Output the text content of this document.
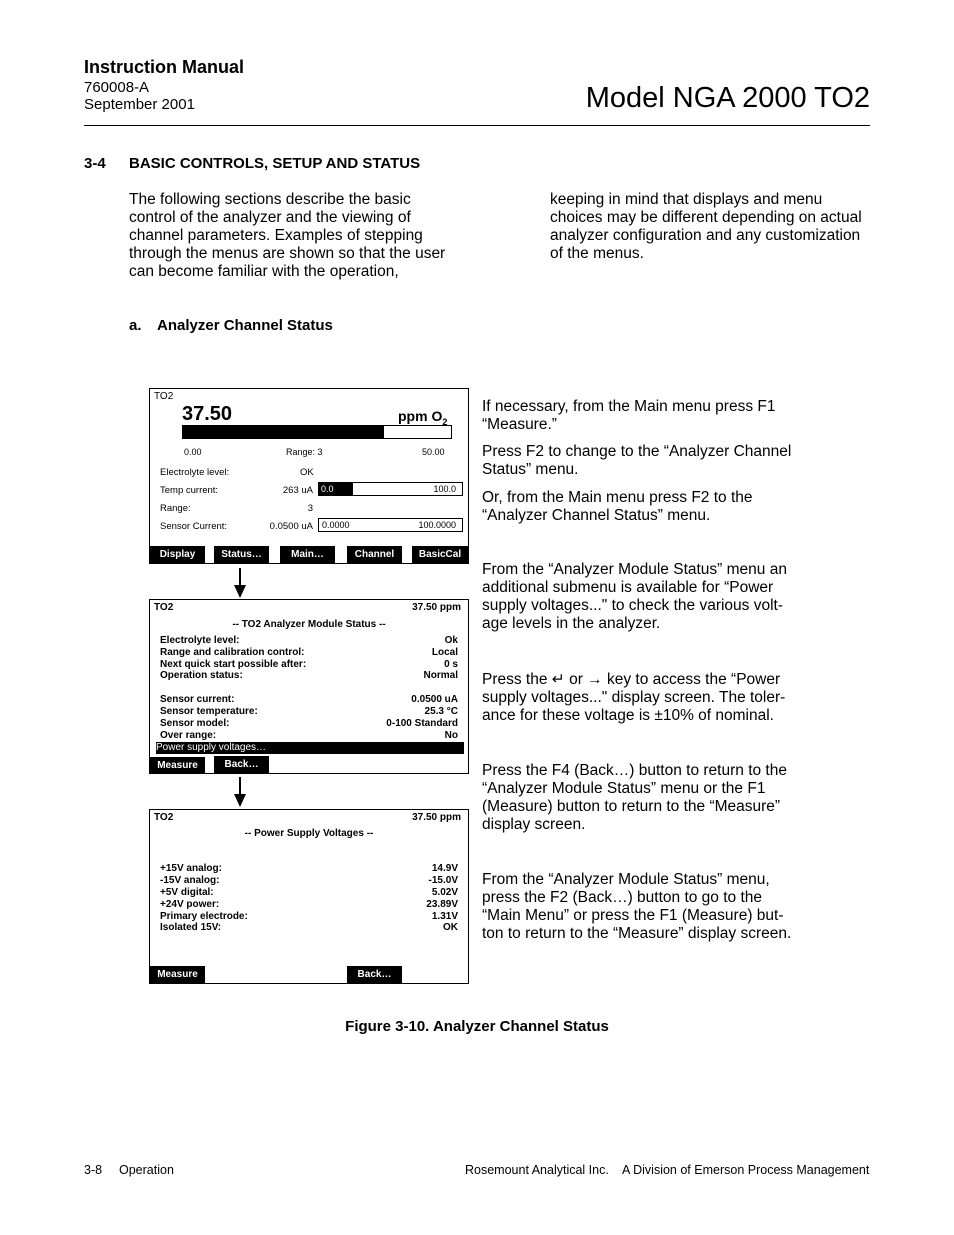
Instruction Manual
760008-A
September 2001	Model NGA 2000 TO2
3-4 BASIC CONTROLS, SETUP AND STATUS
The following sections describe the basic control of the analyzer and the viewing of channel parameters. Examples of stepping through the menus are shown so that the user can become familiar with the operation,
keeping in mind that displays and menu choices may be different depending on actual analyzer configuration and any customization of the menus.
a. Analyzer Channel Status
TO2
37.50	ppm $O_2$
0.00	Range: 3	50.00
Electrolyte level:	OK
Temp current:	263 uA 0.0	100.0
Range:	3
Sensor Current:	0.0500 uA 0.0000	100.0000
Display	Status…	Main…	Channel	BasicCal
TO2	37.50 ppm
-- TO2 Analyzer Module Status --
Electrolyte level:	Ok
Range and calibration control:	Local
Next quick start possible after:	0 s
Operation status:	Normal
Sensor current:	0.0500 uA
Sensor temperature:	25.3 °C
Sensor model:	0-100 Standard
Over range:	No
Power supply voltages…
Measure	Back…
TO2	37.50 ppm
-- Power Supply Voltages --
+15V analog:	14.9V
-15V analog:	-15.0V
+5V digital:	5.02V
+24V power:	23.89V
Primary electrode:	1.31V
Isolated 15V:	OK
Measure	Back…
If necessary, from the Main menu press F1 “Measure.”
Press F2 to change to the “Analyzer Channel Status” menu.
Or, from the Main menu press F2 to the “Analyzer Channel Status” menu.
From the “Analyzer Module Status” menu an additional submenu is available for “Power supply voltages..." to check the various volt-age levels in the analyzer.
Press the ↵ or → key to access the “Power supply voltages..." display screen. The toler-ance for these voltage is ±10% of nominal.
Press the F4 (Back…) button to return to the “Analyzer Module Status” menu or the F1 (Measure) button to return to the “Measure” display screen.
From the “Analyzer Module Status” menu, press the F2 (Back…) button to go to the “Main Menu” or press the F1 (Measure) but-ton to return to the “Measure” display screen.
Figure 3-10. Analyzer Channel Status
3-8 Operation	Rosemount Analytical Inc. A Division of Emerson Process Management
